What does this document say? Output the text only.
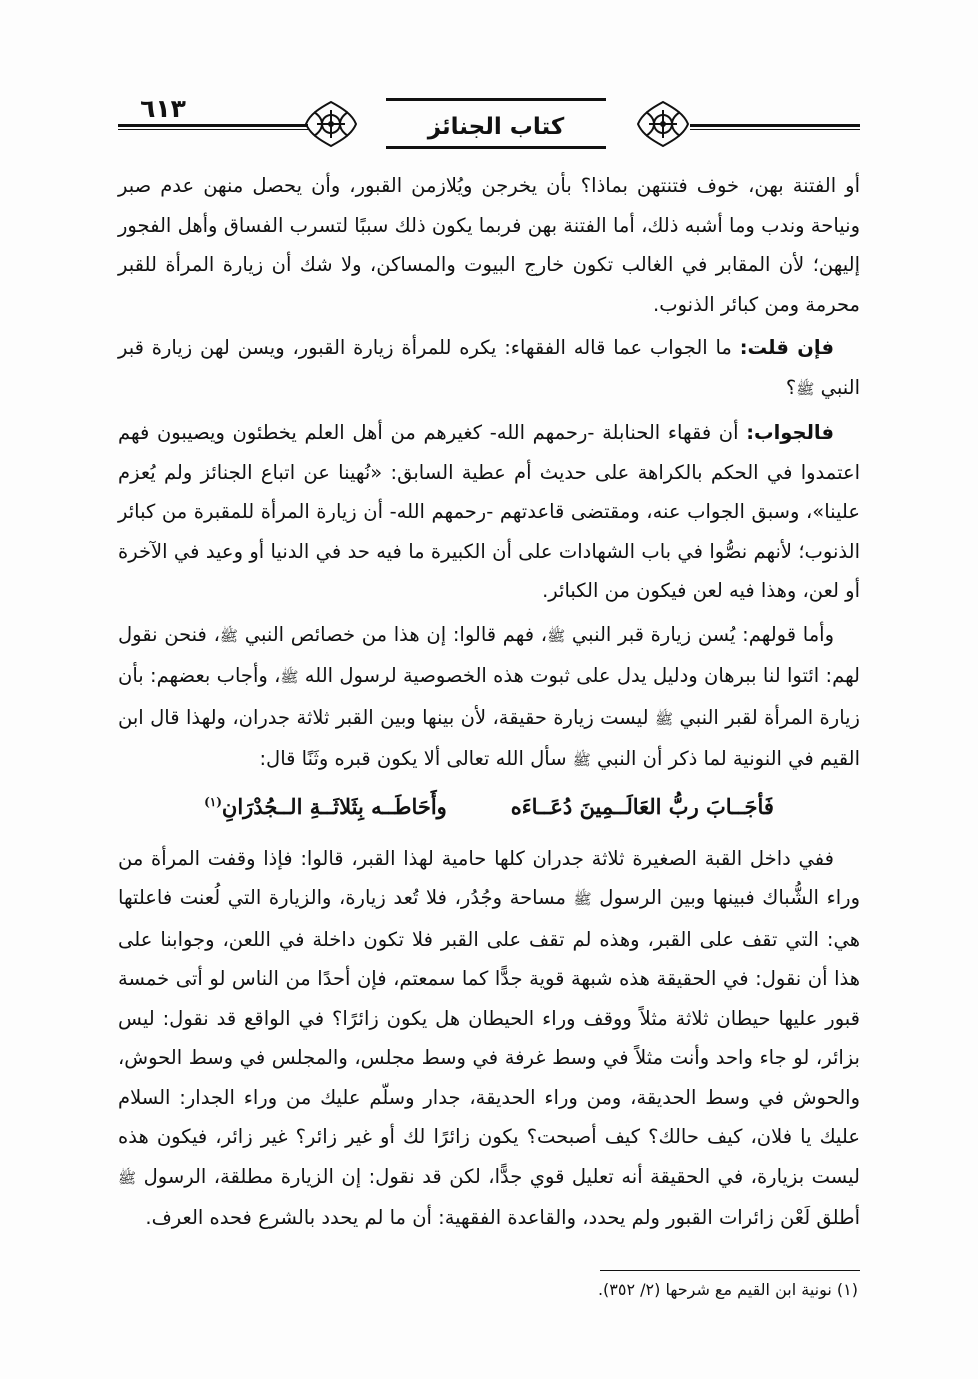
٦١٣
كتاب الجنائز

أو الفتنة بهن، خوف فتنتهن بماذا؟ بأن يخرجن ويُلازمن القبور، وأن يحصل منهن عدم صبر ونياحة وندب وما أشبه ذلك، أما الفتنة بهن فربما يكون ذلك سببًا لتسرب الفساق وأهل الفجور إليهن؛ لأن المقابر في الغالب تكون خارج البيوت والمساكن، ولا شك أن زيارة المرأة للقبر محرمة ومن كبائر الذنوب.

فإن قلت: ما الجواب عما قاله الفقهاء: يكره للمرأة زيارة القبور، ويسن لهن زيارة قبر النبي ﷺ؟

فالجواب: أن فقهاء الحنابلة -رحمهم الله- كغيرهم من أهل العلم يخطئون ويصيبون فهم اعتمدوا في الحكم بالكراهة على حديث أم عطية السابق: «نُهينا عن اتباع الجنائز ولم يُعزم علينا»، وسبق الجواب عنه، ومقتضى قاعدتهم -رحمهم الله- أن زيارة المرأة للمقبرة من كبائر الذنوب؛ لأنهم نصُّوا في باب الشهادات على أن الكبيرة ما فيه حد في الدنيا أو وعيد في الآخرة أو لعن، وهذا فيه لعن فيكون من الكبائر.

وأما قولهم: يُسن زيارة قبر النبي ﷺ، فهم قالوا: إن هذا من خصائص النبي ﷺ، فنحن نقول لهم: ائتوا لنا ببرهان ودليل يدل على ثبوت هذه الخصوصية لرسول الله ﷺ، وأجاب بعضهم: بأن زيارة المرأة لقبر النبي ﷺ ليست زيارة حقيقة، لأن بينها وبين القبر ثلاثة جدران، ولهذا قال ابن القيم في النونية لما ذكر أن النبي ﷺ سأل الله تعالى ألا يكون قبره وثَنًا قال:

فَأجَــابَ ربُّ العَالَــمِينَ دُعَــاءَه
وأَحَاطَــه بِثَلاثَــةِ الــجُدْرَانِ$^{(١)}$

ففي داخل القبة الصغيرة ثلاثة جدران كلها حامية لهذا القبر، قالوا: فإذا وقفت المرأة من وراء الشُّباك فبينها وبين الرسول ﷺ مساحة وجُدُر، فلا تُعد زيارة، والزيارة التي لُعنت فاعلتها هي: التي تقف على القبر، وهذه لم تقف على القبر فلا تكون داخلة في اللعن، وجوابنا على هذا أن نقول: في الحقيقة هذه شبهة قوية جدًّا كما سمعتم، فإن أحدًا من الناس لو أتى خمسة قبور عليها حيطان ثلاثة مثلاً ووقف وراء الحيطان هل يكون زائرًا؟ في الواقع قد نقول: ليس بزائر، لو جاء واحد وأنت مثلاً في وسط غرفة في وسط مجلس، والمجلس في وسط الحوش، والحوش في وسط الحديقة، ومن وراء الحديقة، جدار وسلّم عليك من وراء الجدار: السلام عليك يا فلان، كيف حالك؟ كيف أصبحت؟ يكون زائرًا لك أو غير زائر؟ غير زائر، فيكون هذه ليست بزيارة، في الحقيقة أنه تعليل قوي جدًّا، لكن قد نقول: إن الزيارة مطلقة، الرسول ﷺ أطلق لَعْن زائرات القبور ولم يحدد، والقاعدة الفقهية: أن ما لم يحدد بالشرع فحده العرف.

(١) نونية ابن القيم مع شرحها (٢/ ٣٥٢).
